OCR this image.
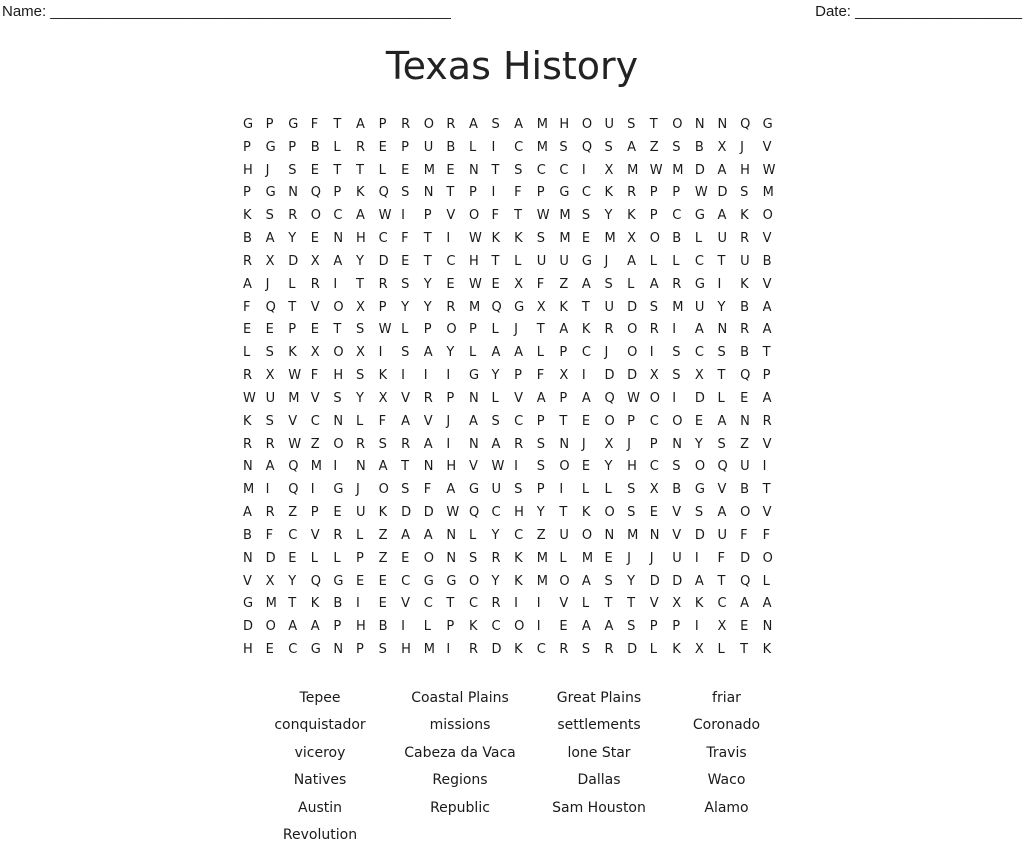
Name: ________________________________________________	Date: ____________________
Texas History
G P	G F	T	A	P	R	O R	A	S	A	M H O U	S	T	O N N Q G
P	G P	B	L	R	E	P	U	B	L	I	C	M S	Q S	A	Z	S	B	X	J	V
H J	S	E	T	T	L	E	M E	N T	S	C	C	I	X	M W M D A	H W
P	G N Q P	K	Q S	N T	P	I	F	P	G C	K	R	P	P	W D S	M
K	S	R	O C	A	W I	P	V	O F	T	W M S	Y	K	P	C	G A	K	O
B	A	Y	E	N H C	F	T	I	W K	K	S	M E	M X	O B	L	U	R	V
R	X	D X	A	Y	D E	T	C	H T	L	U	U	G J	A	L	L	C	T	U	B
A	J	L	R	I	T	R	S	Y	E	W E	X	F	Z	A	S	L	A	R	G I	K	V
F	Q T	V	O X	P	Y	Y	R	M Q G X	K	T	U	D S	M U	Y	B	A
E	E	P	E	T	S	W L	P	O P	L	J	T	A	K	R	O R	I	A	N R	A
L	S	K	X	O X	I	S	A	Y	L	A	A	L	P	C	J	O I	S	C	S	B	T
R	X	W F	H S	K	I	I	I	G Y	P	F	X	I	D D X	S	X	T	Q P
W U	M V	S	Y	X	V	R	P	N L	V	A	P	A	Q W O I	D L	E	A
K	S	V	C	N L	F	A	V	J	A	S	C	P	T	E	O P	C	O E	A	N R
R	R	W Z	O R	S	R	A	I	N A	R	S	N J	X	J	P	N Y	S	Z	V
N A	Q M I	N A	T	N H V	W I	S	O E	Y	H C	S	O Q U	I
M I	Q I	G J	O S	F	A	G U	S	P	I	L	L	S	X	B	G V	B	T
A	R	Z	P	E	U	K	D D W Q C	H Y	T	K	O S	E	V	S	A	O V
B	F	C	V	R	L	Z	A	A	N L	Y	C	Z	U	O N M N V	D U	F	F
N D E	L	L	P	Z	E	O N S	R	K	M L	M E	J	J	U	I	F	D O
V	X	Y	Q G E	E	C	G G O Y	K	M O A	S	Y	D D A	T	Q L
G M T	K	B	I	E	V	C	T	C	R	I	I	V	L	T	T	V	X	K	C	A	A
D O A	A	P	H B	I	L	P	K	C	O I	E	A	A	S	P	P	I	X	E	N
H E	C	G N P	S	H M I	R	D K	C	R	S	R	D L	K	X	L	T	K
Tepee	Coastal Plains	Great Plains	friar
conquistador	missions	settlements	Coronado
viceroy	Cabeza da Vaca	lone Star	Travis
Natives	Regions	Dallas	Waco
Austin	Republic	Sam Houston	Alamo
Revolution
